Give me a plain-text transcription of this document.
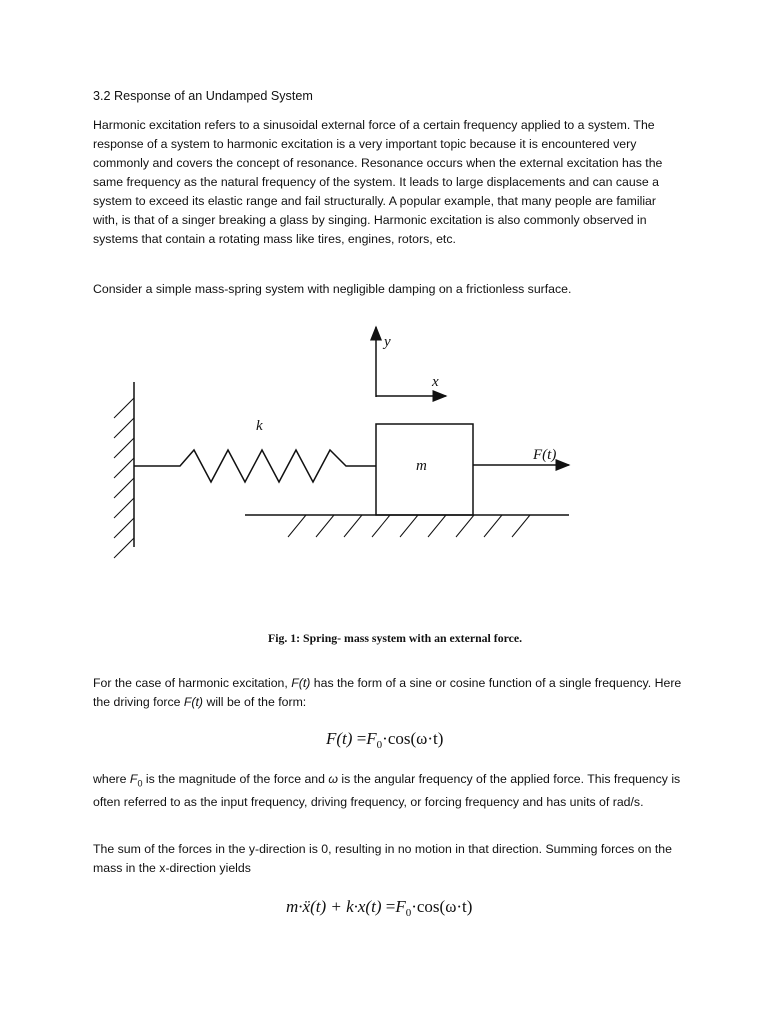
3.2 Response of an Undamped System
Harmonic excitation refers to a sinusoidal external force of a certain frequency applied to a system. The response of a system to harmonic excitation is a very important topic because it is encountered very commonly and covers the concept of resonance. Resonance occurs when the external excitation has the same frequency as the natural frequency of the system. It leads to large displacements and can cause a system to exceed its elastic range and fail structurally. A popular example, that many people are familiar with, is that of a singer breaking a glass by singing. Harmonic excitation is also commonly observed in systems that contain a rotating mass like tires, engines, rotors, etc.
Consider a simple mass-spring system with negligible damping on a frictionless surface.
y
x
k
m
F(t)
Fig. 1: Spring- mass system with an external force.
For the case of harmonic excitation, F(t) has the form of a sine or cosine function of a single frequency. Here the driving force F(t) will be of the form:
$F(t) =F_0\cdot\cos(\omega\cdot t)$
where $F_0$ is the magnitude of the force and ω is the angular frequency of the applied force. This frequency is often referred to as the input frequency, driving frequency, or forcing frequency and has units of rad/s.
The sum of the forces in the y-direction is 0, resulting in no motion in that direction. Summing forces on the mass in the x-direction yields
m·ẍ(t) + $k\cdot x(t) =F_0\cdot\cos(\omega\cdot t)$
